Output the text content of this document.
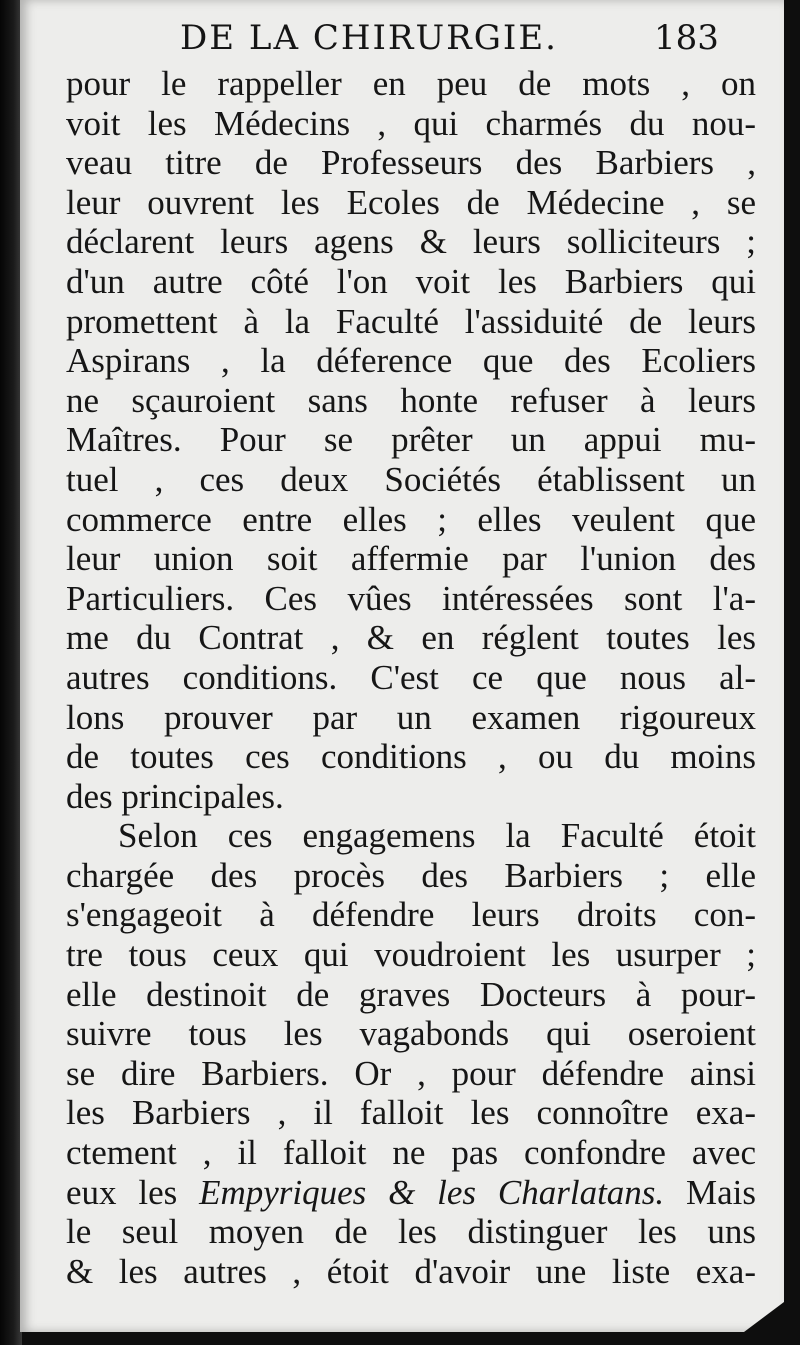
DE LA CHIRURGIE.	183
pour le rappeller en peu de mots , on
voit les Médecins , qui charmés du nou-
veau titre de Professeurs des Barbiers ,
leur ouvrent les Ecoles de Médecine , se
déclarent leurs agens & leurs solliciteurs ;
d'un autre côté l'on voit les Barbiers qui
promettent à la Faculté l'assiduité de leurs
Aspirans , la déference que des Ecoliers
ne sçauroient sans honte refuser à leurs
Maîtres. Pour se prêter un appui mu-
tuel , ces deux Sociétés établissent un
commerce entre elles ; elles veulent que
leur union soit affermie par l'union des
Particuliers. Ces vûes intéressées sont l'a-
me du Contrat , & en réglent toutes les
autres conditions. C'est ce que nous al-
lons prouver par un examen rigoureux
de toutes ces conditions , ou du moins
des principales.
Selon ces engagemens la Faculté étoit
chargée des procès des Barbiers ; elle
s'engageoit à défendre leurs droits con-
tre tous ceux qui voudroient les usurper ;
elle destinoit de graves Docteurs à pour-
suivre tous les vagabonds qui oseroient
se dire Barbiers. Or , pour défendre ainsi
les Barbiers , il falloit les connoître exa-
ctement , il falloit ne pas confondre avec
eux les Empyriques & les Charlatans. Mais
le seul moyen de les distinguer les uns
& les autres , étoit d'avoir une liste exa-
